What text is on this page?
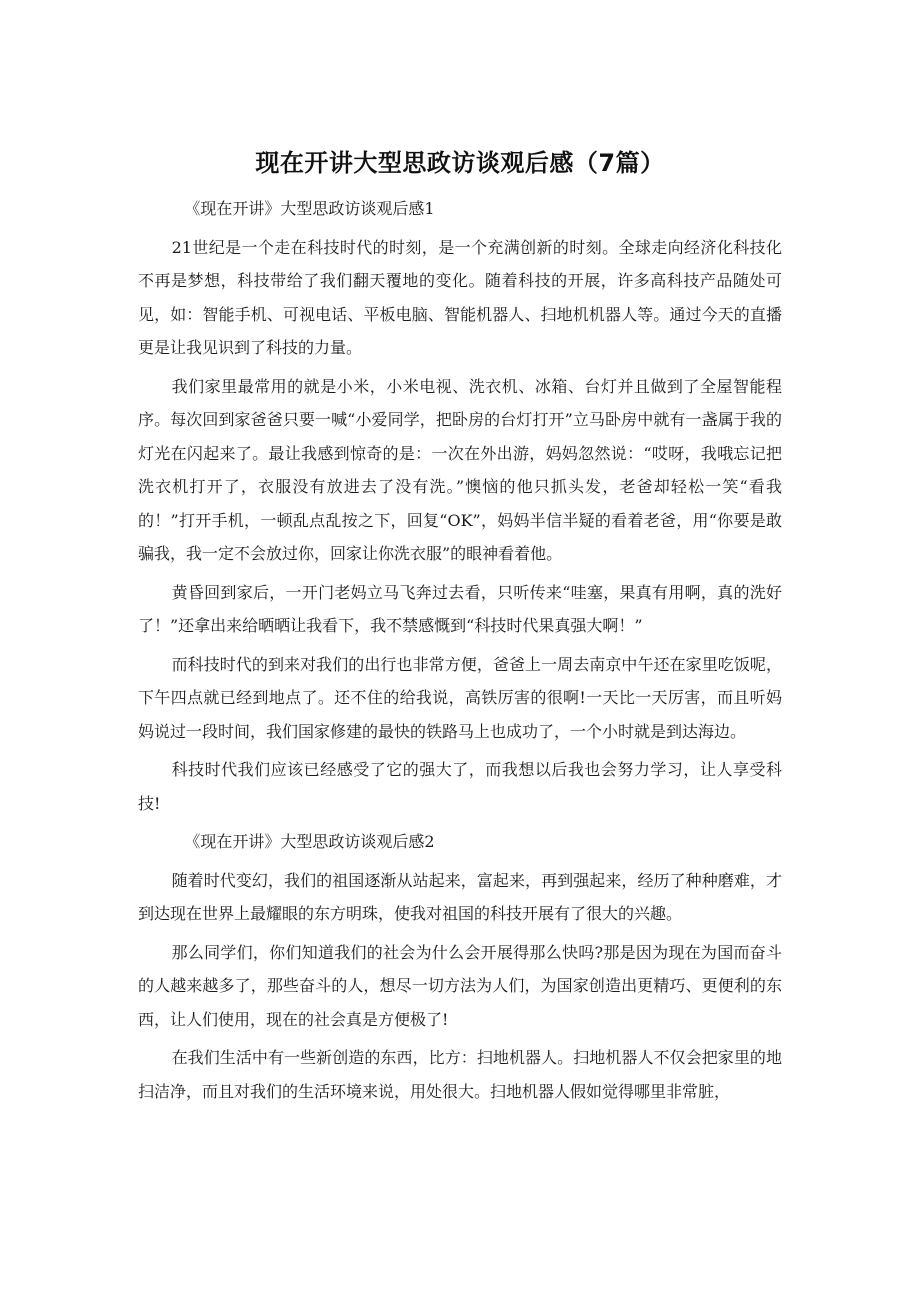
现在开讲大型思政访谈观后感（7篇）

《现在开讲》大型思政访谈观后感1

21世纪是一个走在科技时代的时刻，是一个充满创新的时刻。全球走向经济化科技化不再是梦想，科技带给了我们翻天覆地的变化。随着科技的开展，许多高科技产品随处可见，如：智能手机、可视电话、平板电脑、智能机器人、扫地机机器人等。通过今天的直播更是让我见识到了科技的力量。

我们家里最常用的就是小米，小米电视、洗衣机、冰箱、台灯并且做到了全屋智能程序。每次回到家爸爸只要一喊“小爱同学，把卧房的台灯打开”立马卧房中就有一盏属于我的灯光在闪起来了。最让我感到惊奇的是：一次在外出游，妈妈忽然说：“哎呀，我哦忘记把洗衣机打开了，衣服没有放进去了没有洗。”懊恼的他只抓头发，老爸却轻松一笑“看我的！”打开手机，一顿乱点乱按之下，回复“OK”，妈妈半信半疑的看着老爸，用“你要是敢骗我，我一定不会放过你，回家让你洗衣服”的眼神看着他。

黄昏回到家后，一开门老妈立马飞奔过去看，只听传来“哇塞，果真有用啊，真的洗好了！”还拿出来给晒晒让我看下，我不禁感慨到“科技时代果真强大啊！”

而科技时代的到来对我们的出行也非常方便，爸爸上一周去南京中午还在家里吃饭呢，下午四点就已经到地点了。还不住的给我说，高铁厉害的很啊!一天比一天厉害，而且听妈妈说过一段时间，我们国家修建的最快的铁路马上也成功了，一个小时就是到达海边。

科技时代我们应该已经感受了它的强大了，而我想以后我也会努力学习，让人享受科技!

《现在开讲》大型思政访谈观后感2

随着时代变幻，我们的祖国逐渐从站起来，富起来，再到强起来，经历了种种磨难，才到达现在世界上最耀眼的东方明珠，使我对祖国的科技开展有了很大的兴趣。

那么同学们，你们知道我们的社会为什么会开展得那么快吗?那是因为现在为国而奋斗的人越来越多了，那些奋斗的人，想尽一切方法为人们，为国家创造出更精巧、更便利的东西，让人们使用，现在的社会真是方便极了!

在我们生活中有一些新创造的东西，比方：扫地机器人。扫地机器人不仅会把家里的地扫洁净，而且对我们的生活环境来说，用处很大。扫地机器人假如觉得哪里非常脏，
